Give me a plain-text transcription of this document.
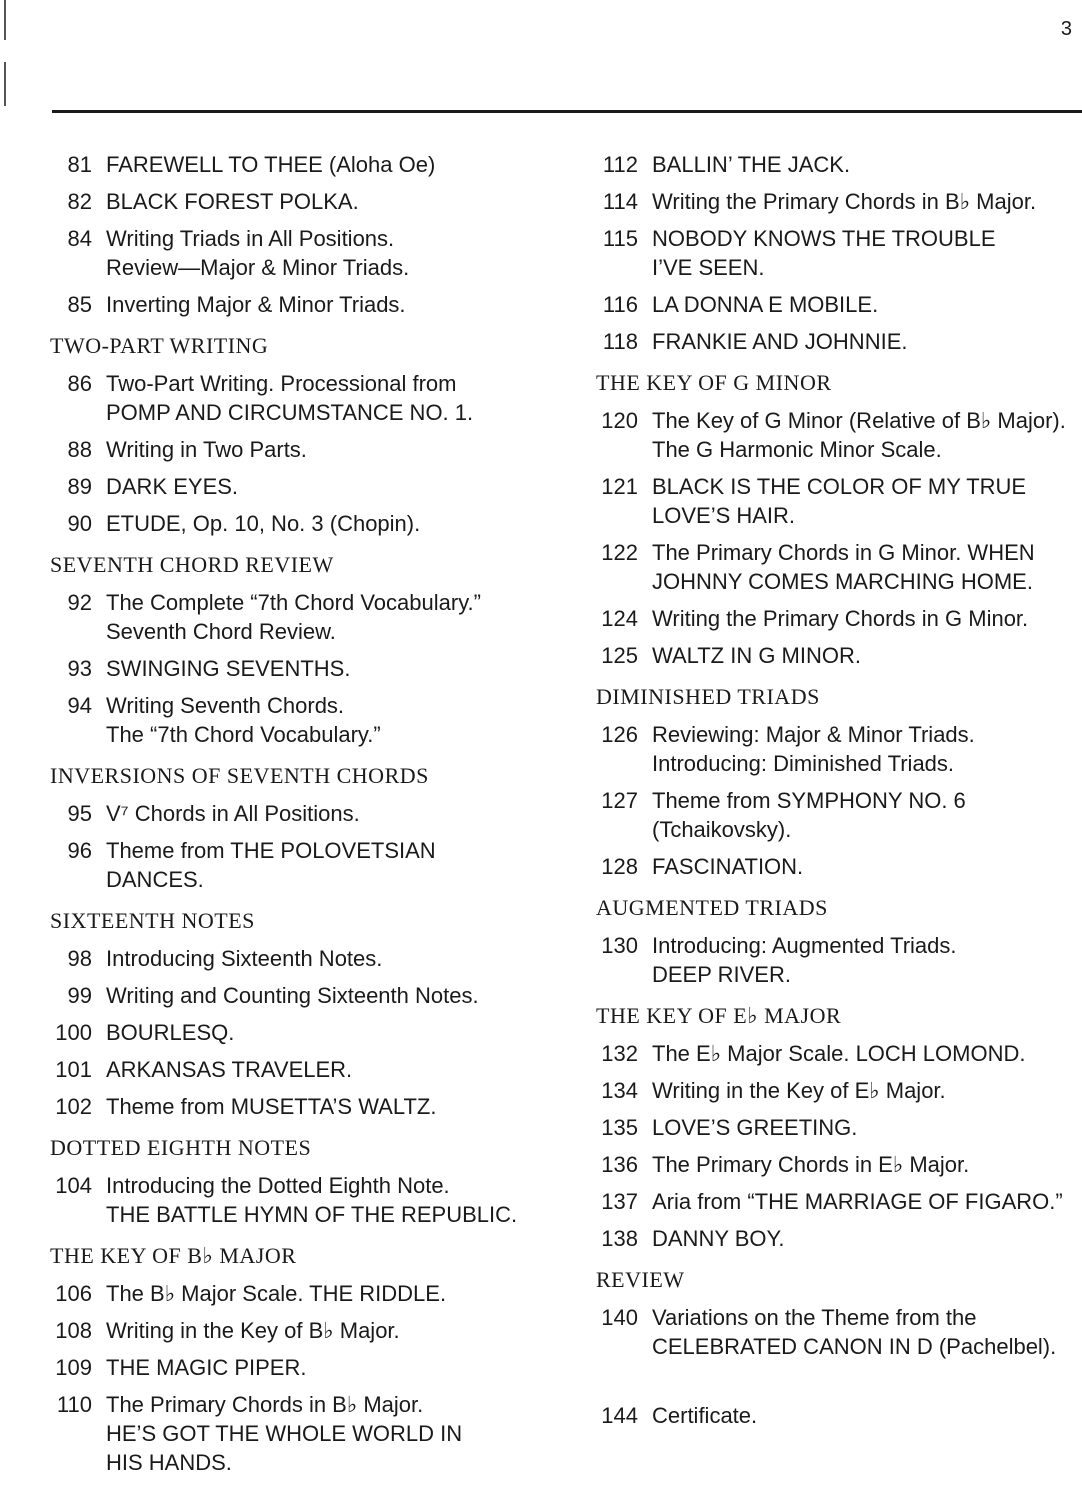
3
81 FAREWELL TO THEE (Aloha Oe)
82 BLACK FOREST POLKA.
84 Writing Triads in All Positions.
Review—Major & Minor Triads.
85 Inverting Major & Minor Triads.
TWO-PART WRITING
86 Two-Part Writing. Processional from
POMP AND CIRCUMSTANCE NO. 1.
88 Writing in Two Parts.
89 DARK EYES.
90 ETUDE, Op. 10, No. 3 (Chopin).
SEVENTH CHORD REVIEW
92 The Complete “7th Chord Vocabulary.”
Seventh Chord Review.
93 SWINGING SEVENTHS.
94 Writing Seventh Chords.
The “7th Chord Vocabulary.”
INVERSIONS OF SEVENTH CHORDS
95 V⁷ Chords in All Positions.
96 Theme from THE POLOVETSIAN
DANCES.
SIXTEENTH NOTES
98 Introducing Sixteenth Notes.
99 Writing and Counting Sixteenth Notes.
100 BOURLESQ.
101 ARKANSAS TRAVELER.
102 Theme from MUSETTA’S WALTZ.
DOTTED EIGHTH NOTES
104 Introducing the Dotted Eighth Note.
THE BATTLE HYMN OF THE REPUBLIC.
THE KEY OF B♭ MAJOR
106 The B♭ Major Scale. THE RIDDLE.
108 Writing in the Key of B♭ Major.
109 THE MAGIC PIPER.
110 The Primary Chords in B♭ Major.
HE’S GOT THE WHOLE WORLD IN
HIS HANDS.
112 BALLIN’ THE JACK.
114 Writing the Primary Chords in B♭ Major.
115 NOBODY KNOWS THE TROUBLE
I’VE SEEN.
116 LA DONNA E MOBILE.
118 FRANKIE AND JOHNNIE.
THE KEY OF G MINOR
120 The Key of G Minor (Relative of B♭ Major).
The G Harmonic Minor Scale.
121 BLACK IS THE COLOR OF MY TRUE
LOVE’S HAIR.
122 The Primary Chords in G Minor. WHEN
JOHNNY COMES MARCHING HOME.
124 Writing the Primary Chords in G Minor.
125 WALTZ IN G MINOR.
DIMINISHED TRIADS
126 Reviewing: Major & Minor Triads.
Introducing: Diminished Triads.
127 Theme from SYMPHONY NO. 6
(Tchaikovsky).
128 FASCINATION.
AUGMENTED TRIADS
130 Introducing: Augmented Triads.
DEEP RIVER.
THE KEY OF E♭ MAJOR
132 The E♭ Major Scale. LOCH LOMOND.
134 Writing in the Key of E♭ Major.
135 LOVE’S GREETING.
136 The Primary Chords in E♭ Major.
137 Aria from “THE MARRIAGE OF FIGARO.”
138 DANNY BOY.
REVIEW
140 Variations on the Theme from the
CELEBRATED CANON IN D (Pachelbel).
144 Certificate.
